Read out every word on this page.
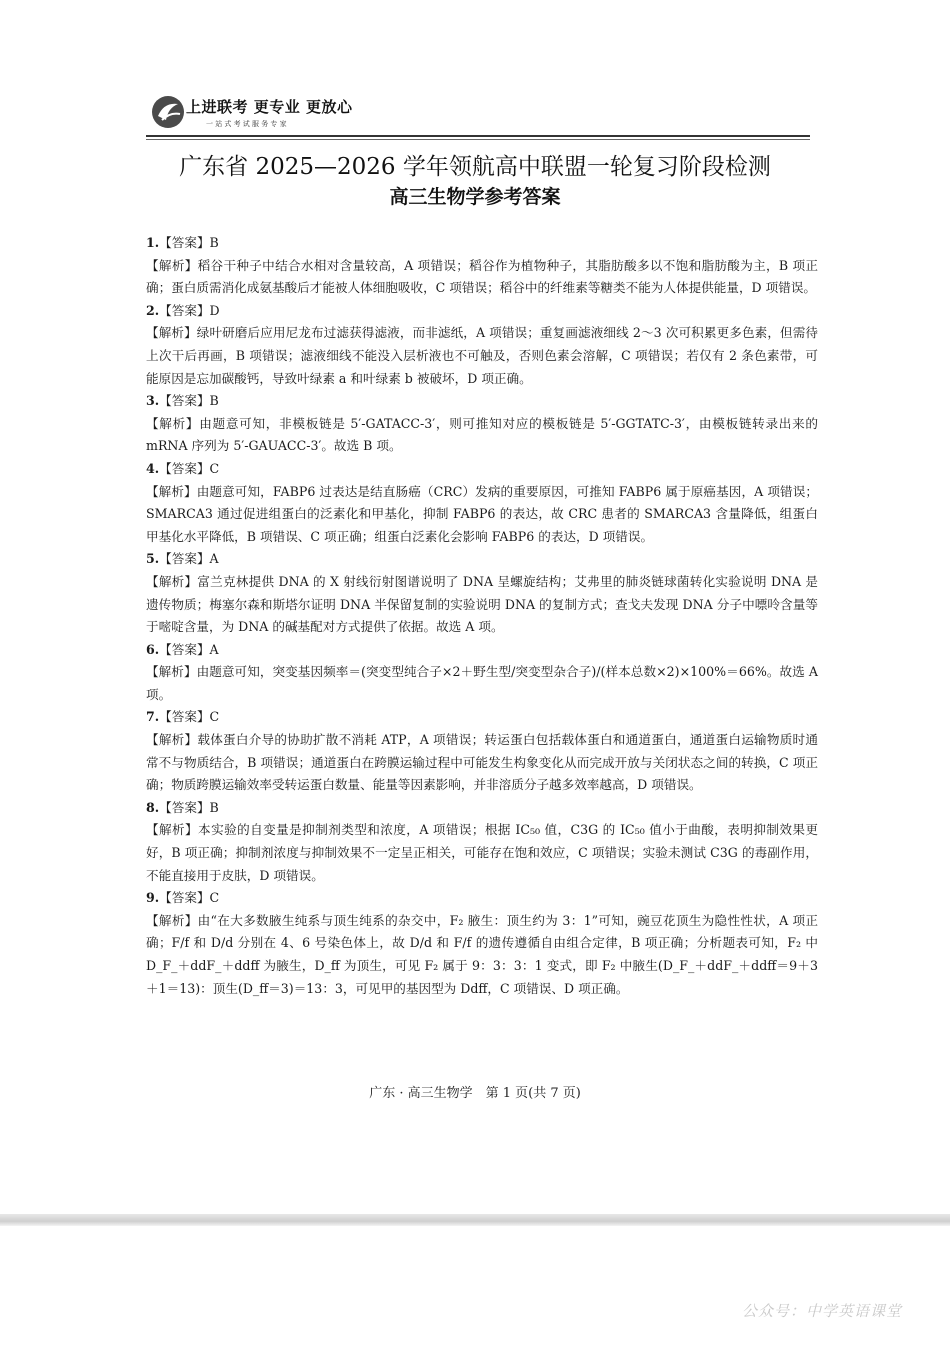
上进联考 更专业 更放心
一站式考试服务专家
广东省 2025—2026 学年领航高中联盟一轮复习阶段检测
高三生物学参考答案
1.【答案】B

【解析】稻谷干种子中结合水相对含量较高，A 项错误；稻谷作为植物种子，其脂肪酸多以不饱和脂肪酸为主，B 项正确；蛋白质需消化成氨基酸后才能被人体细胞吸收，C 项错误；稻谷中的纤维素等糖类不能为人体提供能量，D 项错误。

2.【答案】D

【解析】绿叶研磨后应用尼龙布过滤获得滤液，而非滤纸，A 项错误；重复画滤液细线 2～3 次可积累更多色素，但需待上次干后再画，B 项错误；滤液细线不能没入层析液也不可触及，否则色素会溶解，C 项错误；若仅有 2 条色素带，可能原因是忘加碳酸钙，导致叶绿素 a 和叶绿素 b 被破坏，D 项正确。

3.【答案】B

【解析】由题意可知，非模板链是 5′-GATACC-3′，则可推知对应的模板链是 5′-GGTATC-3′，由模板链转录出来的 mRNA 序列为 5′-GAUACC-3′。故选 B 项。

4.【答案】C

【解析】由题意可知，FABP6 过表达是结直肠癌（CRC）发病的重要原因，可推知 FABP6 属于原癌基因，A 项错误；SMARCA3 通过促进组蛋白的泛素化和甲基化，抑制 FABP6 的表达，故 CRC 患者的 SMARCA3 含量降低，组蛋白甲基化水平降低，B 项错误、C 项正确；组蛋白泛素化会影响 FABP6 的表达，D 项错误。

5.【答案】A

【解析】富兰克林提供 DNA 的 X 射线衍射图谱说明了 DNA 呈螺旋结构；艾弗里的肺炎链球菌转化实验说明 DNA 是遗传物质；梅塞尔森和斯塔尔证明 DNA 半保留复制的实验说明 DNA 的复制方式；查戈夫发现 DNA 分子中嘌呤含量等于嘧啶含量，为 DNA 的碱基配对方式提供了依据。故选 A 项。

6.【答案】A

【解析】由题意可知，突变基因频率＝(突变型纯合子×2＋野生型/突变型杂合子)/(样本总数×2)×100%＝66%。故选 A 项。

7.【答案】C

【解析】载体蛋白介导的协助扩散不消耗 ATP，A 项错误；转运蛋白包括载体蛋白和通道蛋白，通道蛋白运输物质时通常不与物质结合，B 项错误；通道蛋白在跨膜运输过程中可能发生构象变化从而完成开放与关闭状态之间的转换，C 项正确；物质跨膜运输效率受转运蛋白数量、能量等因素影响，并非溶质分子越多效率越高，D 项错误。

8.【答案】B

【解析】本实验的自变量是抑制剂类型和浓度，A 项错误；根据 IC₅₀ 值，C3G 的 IC₅₀ 值小于曲酸，表明抑制效果更好，B 项正确；抑制剂浓度与抑制效果不一定呈正相关，可能存在饱和效应，C 项错误；实验未测试 C3G 的毒副作用，不能直接用于皮肤，D 项错误。

9.【答案】C

【解析】由“在大多数腋生纯系与顶生纯系的杂交中，F₂ 腋生：顶生约为 3：1”可知，豌豆花顶生为隐性性状，A 项正确；F/f 和 D/d 分别在 4、6 号染色体上，故 D/d 和 F/f 的遗传遵循自由组合定律，B 项正确；分析题表可知，F₂ 中 D_F_＋ddF_＋ddff 为腋生，D_ff 为顶生，可见 F₂ 属于 9：3：3：1 变式，即 F₂ 中腋生(D_F_＋ddF_＋ddff＝9＋3＋1＝13)：顶生(D_ff＝3)＝13：3，可见甲的基因型为 Ddff，C 项错误、D 项正确。

广东 · 高三生物学　第 1 页(共 7 页)
公众号：中学英语课堂
